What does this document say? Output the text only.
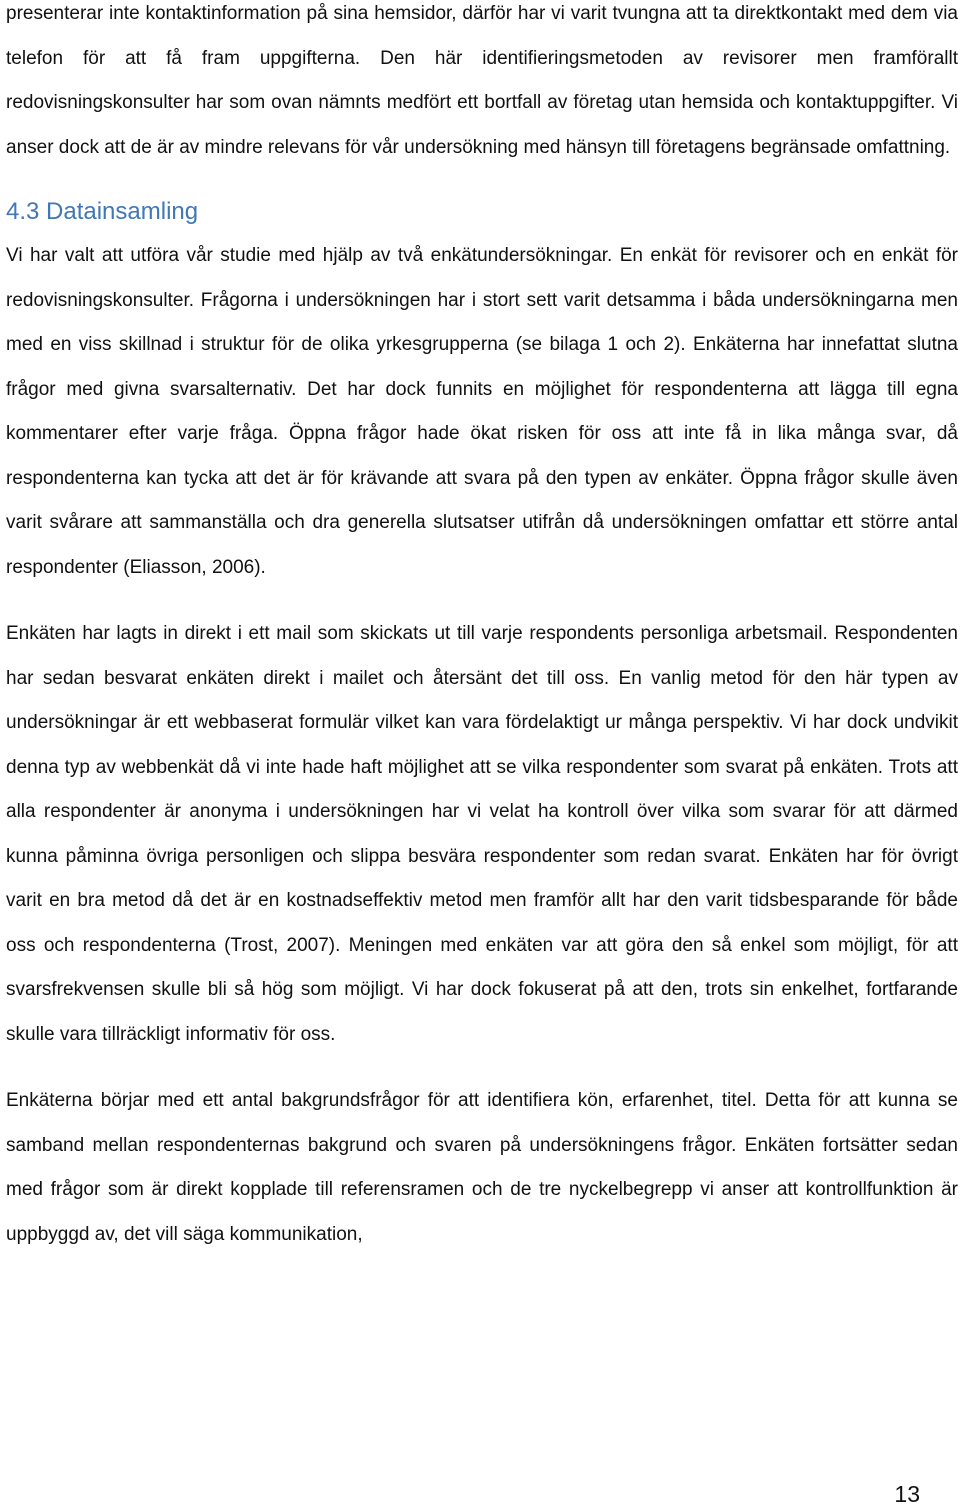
presenterar inte kontaktinformation på sina hemsidor, därför har vi varit tvungna att ta direktkontakt med dem via telefon för att få fram uppgifterna. Den här identifieringsmetoden av revisorer men framförallt redovisningskonsulter har som ovan nämnts medfört ett bortfall av företag utan hemsida och kontaktuppgifter. Vi anser dock att de är av mindre relevans för vår undersökning med hänsyn till företagens begränsade omfattning.

4.3 Datainsamling

Vi har valt att utföra vår studie med hjälp av två enkätundersökningar. En enkät för revisorer och en enkät för redovisningskonsulter. Frågorna i undersökningen har i stort sett varit detsamma i båda undersökningarna men med en viss skillnad i struktur för de olika yrkesgrupperna (se bilaga 1 och 2). Enkäterna har innefattat slutna frågor med givna svarsalternativ. Det har dock funnits en möjlighet för respondenterna att lägga till egna kommentarer efter varje fråga. Öppna frågor hade ökat risken för oss att inte få in lika många svar, då respondenterna kan tycka att det är för krävande att svara på den typen av enkäter. Öppna frågor skulle även varit svårare att sammanställa och dra generella slutsatser utifrån då undersökningen omfattar ett större antal respondenter (Eliasson, 2006).

Enkäten har lagts in direkt i ett mail som skickats ut till varje respondents personliga arbetsmail. Respondenten har sedan besvarat enkäten direkt i mailet och återsänt det till oss. En vanlig metod för den här typen av undersökningar är ett webbaserat formulär vilket kan vara fördelaktigt ur många perspektiv. Vi har dock undvikit denna typ av webbenkät då vi inte hade haft möjlighet att se vilka respondenter som svarat på enkäten. Trots att alla respondenter är anonyma i undersökningen har vi velat ha kontroll över vilka som svarar för att därmed kunna påminna övriga personligen och slippa besvära respondenter som redan svarat. Enkäten har för övrigt varit en bra metod då det är en kostnadseffektiv metod men framför allt har den varit tidsbesparande för både oss och respondenterna (Trost, 2007). Meningen med enkäten var att göra den så enkel som möjligt, för att svarsfrekvensen skulle bli så hög som möjligt. Vi har dock fokuserat på att den, trots sin enkelhet, fortfarande skulle vara tillräckligt informativ för oss.

Enkäterna börjar med ett antal bakgrundsfrågor för att identifiera kön, erfarenhet, titel. Detta för att kunna se samband mellan respondenternas bakgrund och svaren på undersökningens frågor. Enkäten fortsätter sedan med frågor som är direkt kopplade till referensramen och de tre nyckelbegrepp vi anser att kontrollfunktion är uppbyggd av, det vill säga kommunikation,

13
